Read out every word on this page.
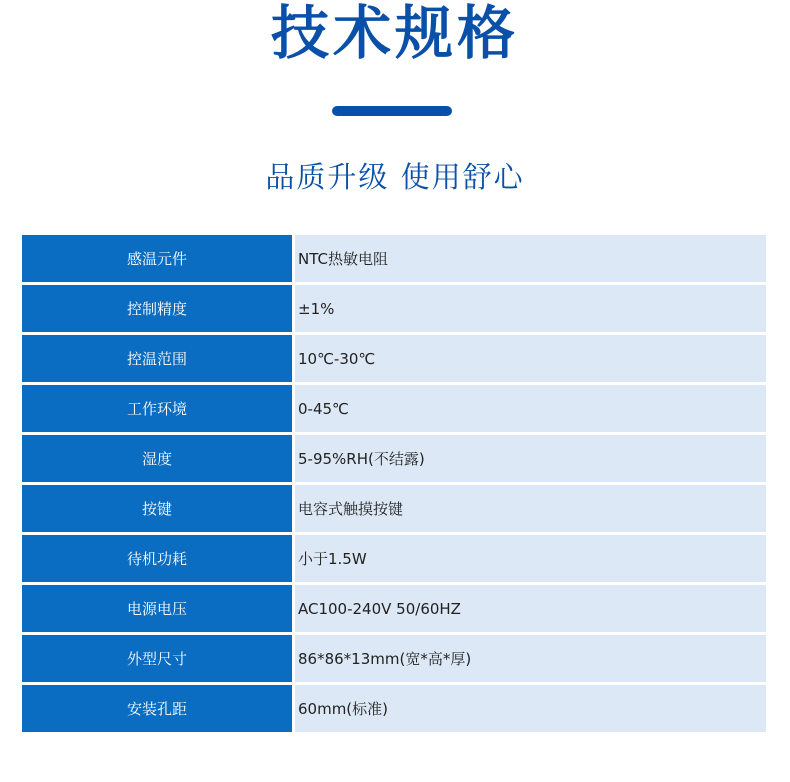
技术规格
品质升级 使用舒心
感温元件	NTC热敏电阻
控制精度	±1%
控温范围	10℃-30℃
工作环境	0-45℃
湿度	5-95%RH(不结露)
按键	电容式触摸按键
待机功耗	小于1.5W
电源电压	AC100-240V 50/60HZ
外型尺寸	86*86*13mm(宽*高*厚)
安装孔距	60mm(标准)
